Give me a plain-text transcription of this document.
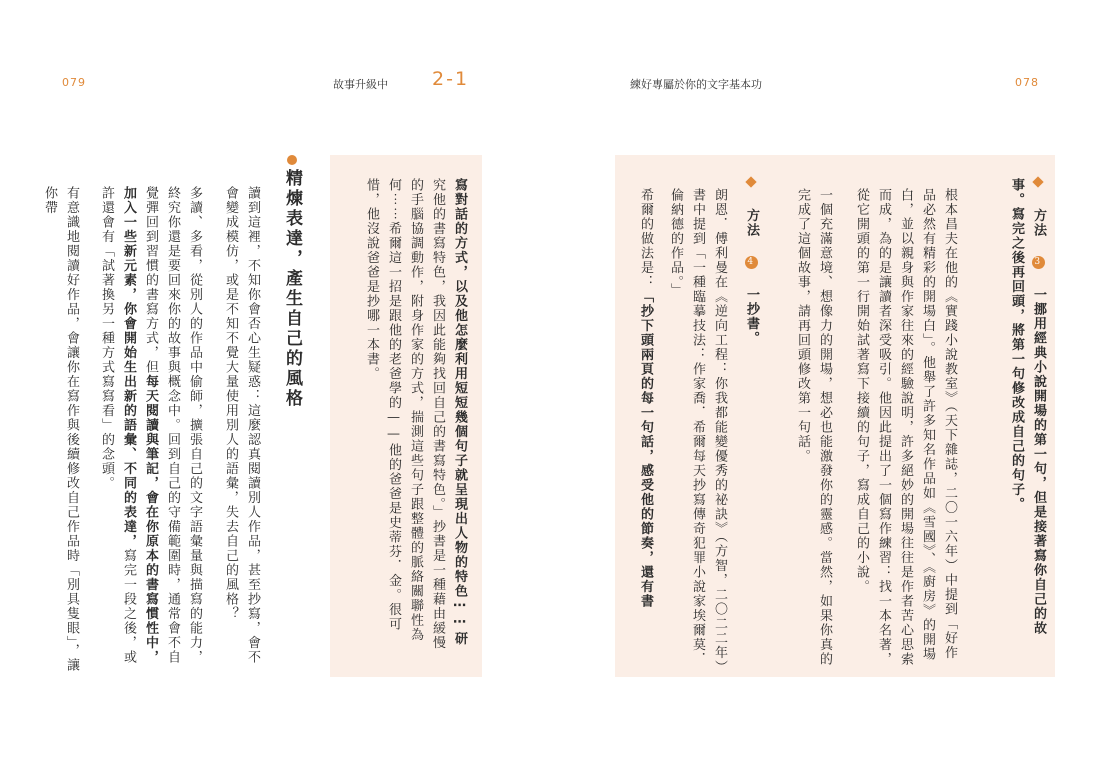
079	故事升級中 2-1	練好專屬於你的文字基本功	078
方法 3 一挪用經典小說開場的第一句，但是接著寫你自己的故事。寫完之後再回頭，將第一句修改成自己的句子。
根本昌夫在他的《實踐小說教室》（天下雜誌，二〇一六年）中提到「好作品必然有精彩的開場白」。他舉了許多知名作品如《雪國》、《廚房》的開場白，並以親身與作家往來的經驗說明，許多絕妙的開場往往是作者苦心思索而成，為的是讓讀者深受吸引。他因此提出了一個寫作練習：找一本名著，從它開頭的第一行開始試著寫下接續的句子，寫成自己的小說。
一個充滿意境、想像力的開場，想必也能激發你的靈感。當然，如果你真的完成了這個故事，請再回頭修改第一句話。
方法 4 一抄書。
朗恩．傅利曼在《逆向工程：你我都能變優秀的祕訣》（方智，二〇二二年）書中提到「一種臨摹技法：作家喬．希爾每天抄寫傳奇犯罪小說家埃爾莫．倫納德的作品。」
希爾的做法是：「抄下頭兩頁的每一句話，感受他的節奏，還有書
寫對話的方式，以及他怎麼利用短短幾個句子就呈現出人物的特色⋯⋯研究他的書寫特色，我因此能夠找回自己的書寫特色。」抄書是一種藉由緩慢的手腦協調動作，附身作家的方式，揣測這些句子跟整體的脈絡關聯性為何⋯⋯希爾這一招是跟他的老爸學的——他的爸爸是史蒂芬．金。很可惜，他沒說爸爸是抄哪一本書。
精煉表達，產生自己的風格
讀到這裡，不知你會否心生疑惑：這麼認真閱讀別人作品，甚至抄寫，會不會變成模仿，或是不知不覺大量使用別人的語彙，失去自己的風格？
多讀、多看，從別人的作品中偷師，擴張自己的文字語彙量與描寫的能力，終究你還是要回來你的故事與概念中。回到自己的守備範圍時，通常會不自覺彈回到習慣的書寫方式，但每天閱讀與筆記，會在你原本的書寫慣性中，加入一些新元素，你會開始生出新的語彙、不同的表達，寫完一段之後，或許還會有「試著換另一種方式寫寫看」的念頭。
有意識地閱讀好作品，會讓你在寫作與後續修改自己作品時「別具隻眼」，讓你帶
